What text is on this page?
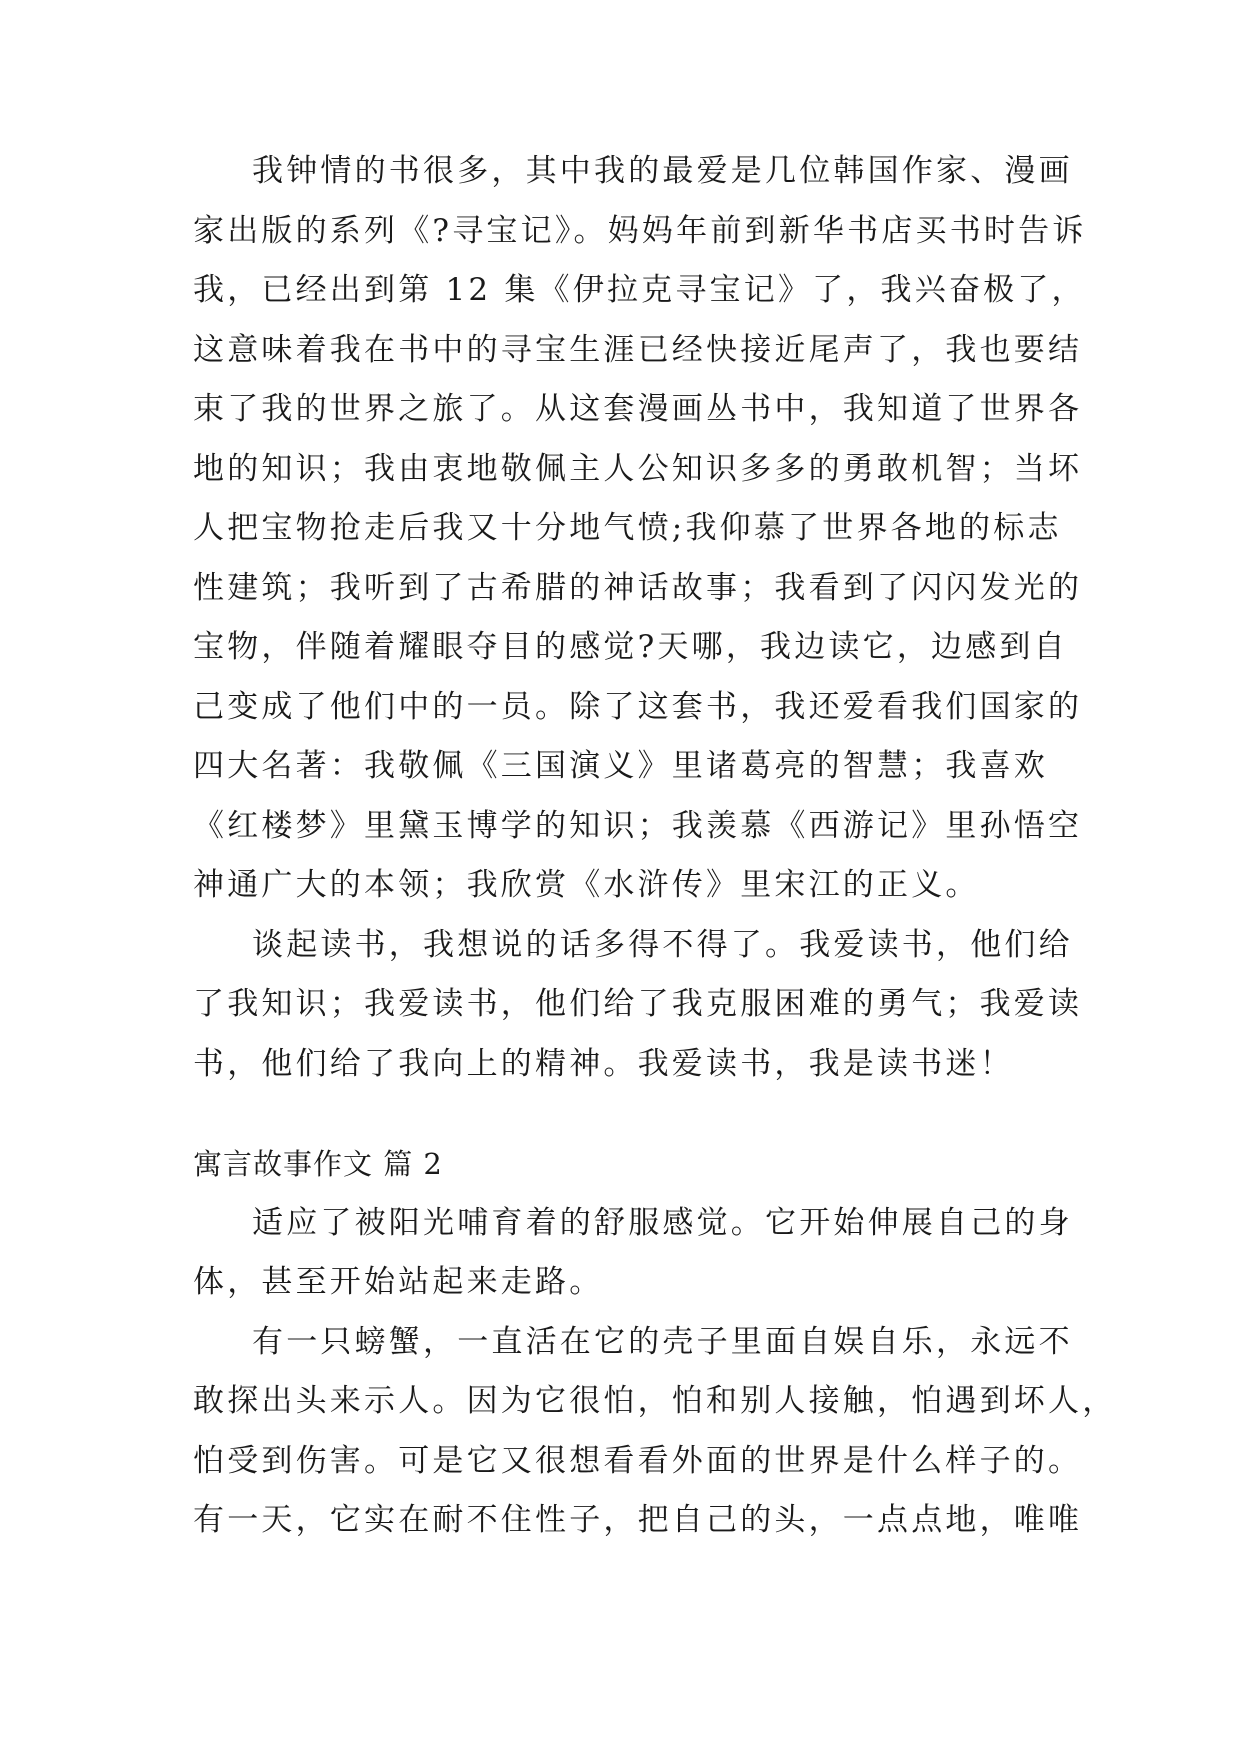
我钟情的书很多，其中我的最爱是几位韩国作家、漫画
家出版的系列《?寻宝记》。妈妈年前到新华书店买书时告诉
我，已经出到第 12 集《伊拉克寻宝记》了，我兴奋极了，
这意味着我在书中的寻宝生涯已经快接近尾声了，我也要结
束了我的世界之旅了。从这套漫画丛书中，我知道了世界各
地的知识；我由衷地敬佩主人公知识多多的勇敢机智；当坏
人把宝物抢走后我又十分地气愤;我仰慕了世界各地的标志
性建筑；我听到了古希腊的神话故事；我看到了闪闪发光的
宝物，伴随着耀眼夺目的感觉?天哪，我边读它，边感到自
己变成了他们中的一员。除了这套书，我还爱看我们国家的
四大名著：我敬佩《三国演义》里诸葛亮的智慧；我喜欢
《红楼梦》里黛玉博学的知识；我羡慕《西游记》里孙悟空
神通广大的本领；我欣赏《水浒传》里宋江的正义。
谈起读书，我想说的话多得不得了。我爱读书，他们给
了我知识；我爱读书，他们给了我克服困难的勇气；我爱读
书，他们给了我向上的精神。我爱读书，我是读书迷！
寓言故事作文 篇 2
适应了被阳光哺育着的舒服感觉。它开始伸展自己的身
体，甚至开始站起来走路。
有一只螃蟹，一直活在它的壳子里面自娱自乐，永远不
敢探出头来示人。因为它很怕，怕和别人接触，怕遇到坏人，
怕受到伤害。可是它又很想看看外面的世界是什么样子的。
有一天，它实在耐不住性子，把自己的头，一点点地，唯唯
